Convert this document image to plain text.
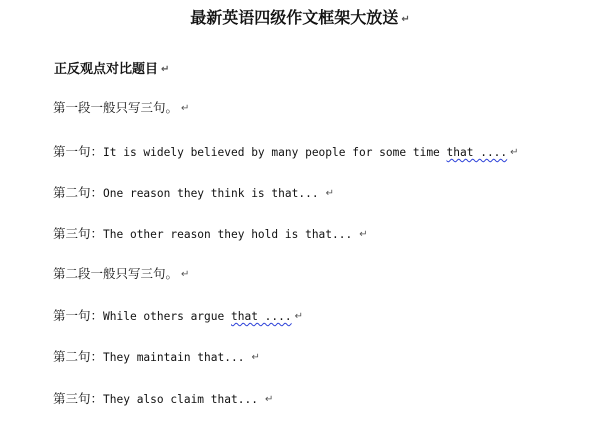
最新英语四级作文框架大放送 ↵
正反观点对比题目 ↵
第一段一般只写三句。 ↵
第一句：It is widely believed by many people for some time that .... ↵
第二句：One reason they think is that... ↵
第三句：The other reason they hold is that... ↵
第二段一般只写三句。 ↵
第一句：While others argue that .... ↵
第二句：They maintain that... ↵
第三句：They also claim that... ↵
